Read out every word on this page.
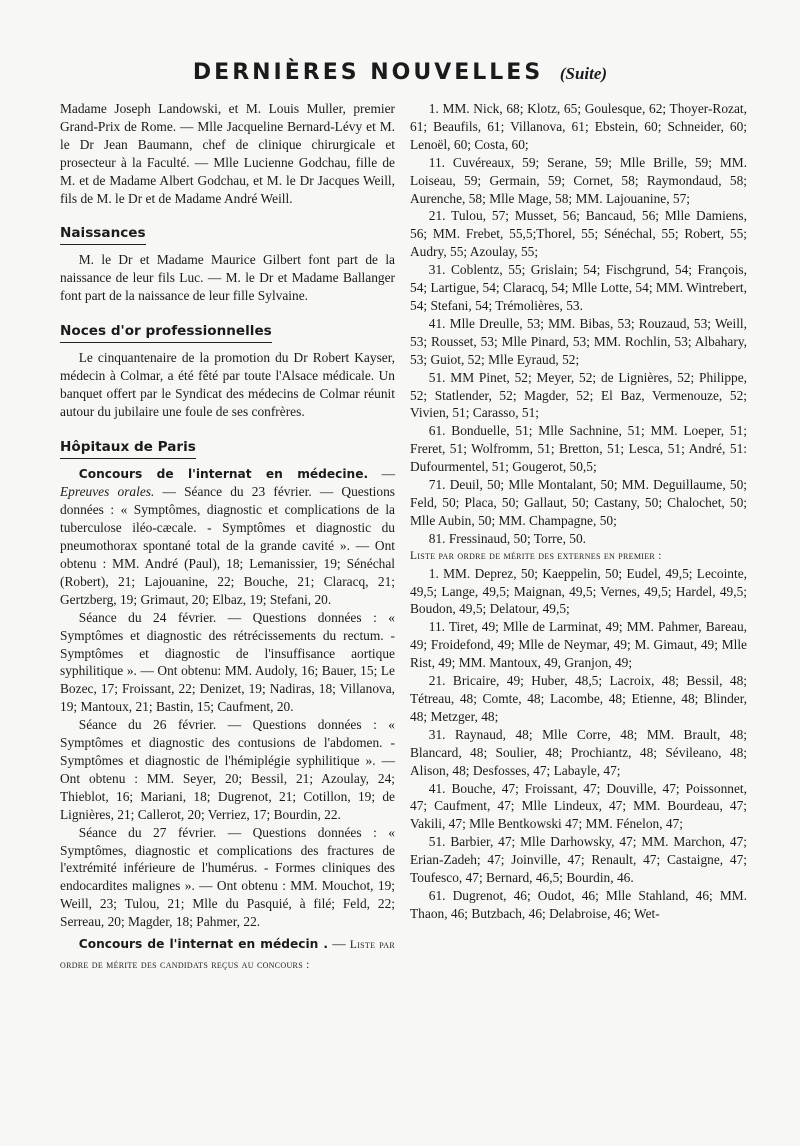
DERNIÈRES NOUVELLES (Suite)

Madame Joseph Landowski, et M. Louis Muller, premier Grand-Prix de Rome. — Mlle Jacqueline Bernard-Lévy et M. le Dr Jean Baumann, chef de clinique chirurgicale et prosecteur à la Faculté. — Mlle Lucienne Godchau, fille de M. et de Madame Albert Godchau, et M. le Dr Jacques Weill, fils de M. le Dr et de Madame André Weill.

Naissances

M. le Dr et Madame Maurice Gilbert font part de la naissance de leur fils Luc. — M. le Dr et Madame Ballanger font part de la naissance de leur fille Sylvaine.

Noces d'or professionnelles

Le cinquantenaire de la promotion du Dr Robert Kayser, médecin à Colmar, a été fêté par toute l'Alsace médicale. Un banquet offert par le Syndicat des médecins de Colmar réunit autour du jubilaire une foule de ses confrères.

Hôpitaux de Paris

Concours de l'internat en médecine. — Epreuves orales. — Séance du 23 février. — Questions données : « Symptômes, diagnostic et complications de la tuberculose iléo-cæcale. - Symptômes et diagnostic du pneumothorax spontané total de la grande cavité ». — Ont obtenu : MM. André (Paul), 18; Lemanissier, 19; Sénéchal (Robert), 21; Lajouanine, 22; Bouche, 21; Claracq, 21; Gertzberg, 19; Grimaut, 20; Elbaz, 19; Stefani, 20.

Séance du 24 février. — Questions données : « Symptômes et diagnostic des rétrécissements du rectum. - Symptômes et diagnostic de l'insuffisance aortique syphilitique ». — Ont obtenu: MM. Audoly, 16; Bauer, 15; Le Bozec, 17; Froissant, 22; Denizet, 19; Nadiras, 18; Villanova, 19; Mantoux, 21; Bastin, 15; Caufment, 20.

Séance du 26 février. — Questions données : « Symptômes et diagnostic des contusions de l'abdomen. - Symptômes et diagnostic de l'hémiplégie syphilitique ». — Ont obtenu : MM. Seyer, 20; Bessil, 21; Azoulay, 24; Thieblot, 16; Mariani, 18; Dugrenot, 21; Cotillon, 19; de Lignières, 21; Callerot, 20; Verriez, 17; Bourdin, 22.

Séance du 27 février. — Questions données : « Symptômes, diagnostic et complications des fractures de l'extrémité inférieure de l'humérus. - Formes cliniques des endocardites malignes ». — Ont obtenu : MM. Mouchot, 19; Weill, 23; Tulou, 21; Mlle du Pasquié, à filé; Feld, 22; Serreau, 20; Magder, 18; Pahmer, 22.

Concours de l'internat en médecin . — Liste par ordre de mérite des candidats reçus au concours :

1. MM. Nick, 68; Klotz, 65; Goulesque, 62; Thoyer-Rozat, 61; Beaufils, 61; Villanova, 61; Ebstein, 60; Schneider, 60; Lenoël, 60; Costa, 60;

11. Cuvéreaux, 59; Serane, 59; Mlle Brille, 59; MM. Loiseau, 59; Germain, 59; Cornet, 58; Raymondaud, 58; Aurenche, 58; Mlle Mage, 58; MM. Lajouanine, 57;

21. Tulou, 57; Musset, 56; Bancaud, 56; Mlle Damiens, 56; MM. Frebet, 55,5;Thorel, 55; Sénéchal, 55; Robert, 55; Audry, 55; Azoulay, 55;

31. Coblentz, 55; Grislain; 54; Fischgrund, 54; François, 54; Lartigue, 54; Claracq, 54; Mlle Lotte, 54; MM. Wintrebert, 54; Stefani, 54; Trémolières, 53.

41. Mlle Dreulle, 53; MM. Bibas, 53; Rouzaud, 53; Weill, 53; Rousset, 53; Mlle Pinard, 53; MM. Rochlin, 53; Albahary, 53; Guiot, 52; Mlle Eyraud, 52;

51. MM Pinet, 52; Meyer, 52; de Lignières, 52; Philippe, 52; Statlender, 52; Magder, 52; El Baz, Vermenouze, 52; Vivien, 51; Carasso, 51;

61. Bonduelle, 51; Mlle Sachnine, 51; MM. Loeper, 51; Freret, 51; Wolfromm, 51; Bretton, 51; Lesca, 51; André, 51: Dufourmentel, 51; Gougerot, 50,5;

71. Deuil, 50; Mlle Montalant, 50; MM. Deguillaume, 50; Feld, 50; Placa, 50; Gallaut, 50; Castany, 50; Chalochet, 50; Mlle Aubin, 50; MM. Champagne, 50;

81. Fressinaud, 50; Torre, 50.

Liste par ordre de mérite des externes en premier :

1. MM. Deprez, 50; Kaeppelin, 50; Eudel, 49,5; Lecointe, 49,5; Lange, 49,5; Maignan, 49,5; Vernes, 49,5; Hardel, 49,5; Boudon, 49,5; Delatour, 49,5;

11. Tiret, 49; Mlle de Larminat, 49; MM. Pahmer, Bareau, 49; Froidefond, 49; Mlle de Neymar, 49; M. Gimaut, 49; Mlle Rist, 49; MM. Mantoux, 49, Granjon, 49;

21. Bricaire, 49; Huber, 48,5; Lacroix, 48; Bessil, 48; Tétreau, 48; Comte, 48; Lacombe, 48; Etienne, 48; Blinder, 48; Metzger, 48;

31. Raynaud, 48; Mlle Corre, 48; MM. Brault, 48; Blancard, 48; Soulier, 48; Prochiantz, 48; Sévileano, 48; Alison, 48; Desfosses, 47; Labayle, 47;

41. Bouche, 47; Froissant, 47; Douville, 47; Poissonnet, 47; Caufment, 47; Mlle Lindeux, 47; MM. Bourdeau, 47; Vakili, 47; Mlle Bentkowski 47; MM. Fénelon, 47;

51. Barbier, 47; Mlle Darhowsky, 47; MM. Marchon, 47; Erian-Zadeh; 47; Joinville, 47; Renault, 47; Castaigne, 47; Toufesco, 47; Bernard, 46,5; Bourdin, 46.

61. Dugrenot, 46; Oudot, 46; Mlle Stahland, 46; MM. Thaon, 46; Butzbach, 46; Delabroise, 46; Wet-
